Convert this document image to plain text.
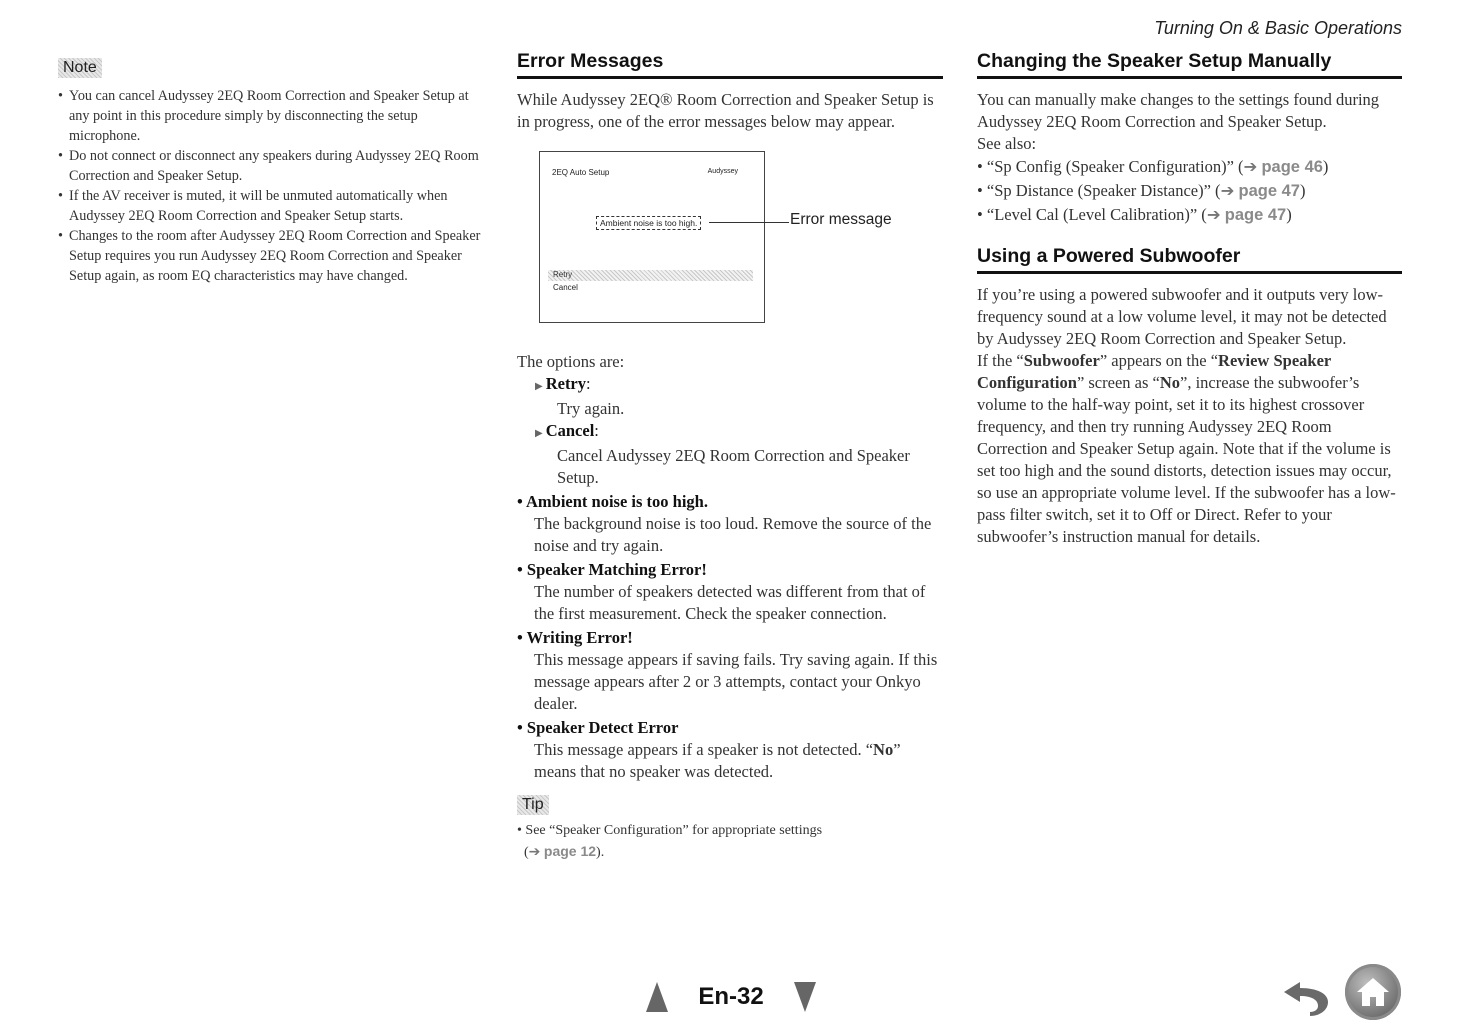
Turning On & Basic Operations
Note
• You can cancel Audyssey 2EQ Room Correction and Speaker Setup at any point in this procedure simply by disconnecting the setup microphone.
• Do not connect or disconnect any speakers during Audyssey 2EQ Room Correction and Speaker Setup.
• If the AV receiver is muted, it will be unmuted automatically when Audyssey 2EQ Room Correction and Speaker Setup starts.
• Changes to the room after Audyssey 2EQ Room Correction and Speaker Setup requires you run Audyssey 2EQ Room Correction and Speaker Setup again, as room EQ characteristics may have changed.
Error Messages

While Audyssey 2EQ® Room Correction and Speaker Setup is in progress, one of the error messages below may appear.

2EQ Auto Setup	Audyssey
Ambient noise is too high.
Retry
Cancel
Error message

The options are:

▶ Retry:
Try again.
▶ Cancel:
Cancel Audyssey 2EQ Room Correction and Speaker Setup.
• Ambient noise is too high.
The background noise is too loud. Remove the source of the noise and try again.
• Speaker Matching Error!
The number of speakers detected was different from that of the first measurement. Check the speaker connection.
• Writing Error!
This message appears if saving fails. Try saving again. If this message appears after 2 or 3 attempts, contact your Onkyo dealer.
• Speaker Detect Error
This message appears if a speaker is not detected. “No” means that no speaker was detected.
Tip
• See “Speaker Configuration” for appropriate settings
(➔ page 12).
Changing the Speaker Setup Manually

You can manually make changes to the settings found during Audyssey 2EQ Room Correction and Speaker Setup.

See also:

• “Sp Config (Speaker Configuration)” (➔ page 46)
• “Sp Distance (Speaker Distance)” (➔ page 47)
• “Level Cal (Level Calibration)” (➔ page 47)
Using a Powered Subwoofer

If you’re using a powered subwoofer and it outputs very low-frequency sound at a low volume level, it may not be detected by Audyssey 2EQ Room Correction and Speaker Setup.

If the “Subwoofer” appears on the “Review Speaker Configuration” screen as “No”, increase the subwoofer’s volume to the half-way point, set it to its highest crossover frequency, and then try running Audyssey 2EQ Room Correction and Speaker Setup again. Note that if the volume is set too high and the sound distorts, detection issues may occur, so use an appropriate volume level. If the subwoofer has a low-pass filter switch, set it to Off or Direct. Refer to your subwoofer’s instruction manual for details.

En-32
